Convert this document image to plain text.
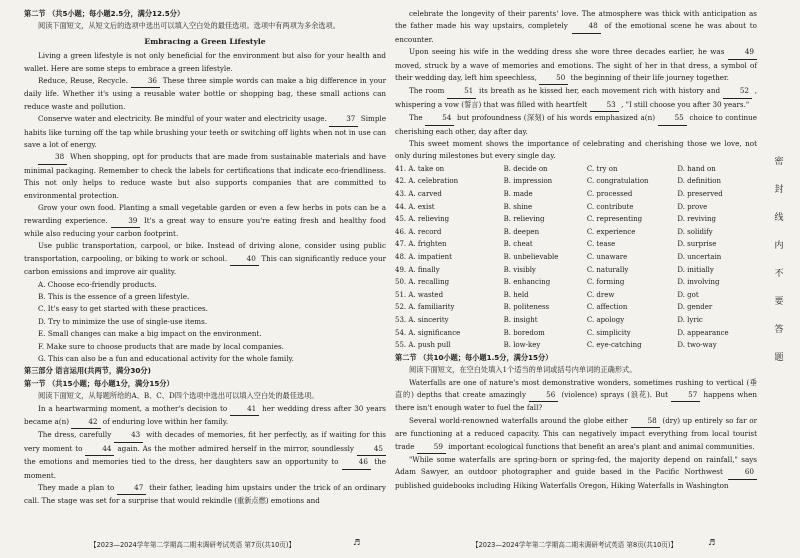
第二节 （共5小题；每小题2.5分，满分12.5分）

阅读下面短文，从短文后的选项中选出可以填入空白处的最佳选项。选项中有两项为多余选项。

Embracing a Green Lifestyle

Living a green lifestyle is not only beneficial for the environment but also for your health and wallet. Here are some steps to embrace a green lifestyle.

Reduce, Reuse, Recycle.	36 These three simple words can make a big difference in your daily life. Whether it's using a reusable water bottle or shopping bag, these small actions can reduce waste and pollution.

Conserve water and electricity. Be mindful of your water and electricity usage.	37 Simple habits like turning off the tap while brushing your teeth or switching off lights when not in use can save a lot of energy.

38 When shopping, opt for products that are made from sustainable materials and have minimal packaging. Remember to check the labels for certifications that indicate eco-friendliness. This not only helps to reduce waste but also supports companies that are committed to environmental protection.

Grow your own food. Planting a small vegetable garden or even a few herbs in pots can be a rewarding experience.	39 It's a great way to ensure you're eating fresh and healthy food while also reducing your carbon footprint.

Use public transportation, carpool, or bike. Instead of driving alone, consider using public transportation, carpooling, or biking to work or school.	40 This can significantly reduce your carbon emissions and improve air quality.

A. Choose eco-friendly products.

B. This is the essence of a green lifestyle.

C. It's easy to get started with these practices.

D. Try to minimize the use of single-use items.

E. Small changes can make a big impact on the environment.

F. Make sure to choose products that are made by local companies.

G. This can also be a fun and educational activity for the whole family.

第三部分 语言运用(共两节，满分30分)

第一节 （共15小题；每小题1分，满分15分）

阅读下面短文，从每题所给的A、B、C、D四个选项中选出可以填入空白处的最佳选项。

In a heartwarming moment, a mother's decision to	41 her wedding dress after 30 years became a(n)	42 of enduring love within her family.

The dress, carefully	43 with decades of memories, fit her perfectly, as if waiting for this very moment to	44 again. As the mother admired herself in the mirror, soundlessly	45 the emotions and memories tied to the dress, her daughters saw an opportunity to	46 the moment.

They made a plan to	47 their father, leading him upstairs under the trick of an ordinary call. The stage was set for a surprise that would rekindle (重新点燃) emotions and

celebrate the longevity of their parents' love. The atmosphere was thick with anticipation as the father made his way upstairs, completely	48 of the emotional scene he was about to encounter.

Upon seeing his wife in the wedding dress she wore three decades earlier, he was	49 moved, struck by a wave of memories and emotions. The sight of her in that dress, a symbol of their wedding day, left him speechless,	50 the beginning of their life journey together.

The room	51 its breath as he kissed her, each movement rich with history and	52 , whispering a vow (誓言) that was filled with heartfelt	53 , "I still choose you after 30 years."

The	54 but profoundness (深刻) of his words emphasized a(n)	55 choice to continue cherishing each other, day after day.

This sweet moment shows the importance of celebrating and cherishing those we love, not only during milestones but every single day.

41. A. take on	B. decide on	C. try on	D. hand on
42. A. celebration	B. impression	C. congratulation	D. definition
43. A. carved	B. made	C. processed	D. preserved
44. A. exist	B. shine	C. contribute	D. prove
45. A. relieving	B. relieving	C. representing	D. reviving
46. A. record	B. deepen	C. experience	D. solidify
47. A. frighten	B. cheat	C. tease	D. surprise
48. A. impatient	B. unbelievable	C. unaware	D. uncertain
49. A. finally	B. visibly	C. naturally	D. initially
50. A. recalling	B. enhancing	C. forming	D. involving
51. A. wasted	B. held	C. drew	D. got
52. A. familiarity	B. politeness	C. affection	D. gender
53. A. sincerity	B. insight	C. apology	D. lyric
54. A. significance	B. boredom	C. simplicity	D. appearance
55. A. push pull	B. low-key	C. eye-catching	D. two-way

第二节 （共10小题；每小题1.5分，满分15分）

阅读下面短文，在空白处填入1个适当的单词或括号内单词的正确形式。

Waterfalls are one of nature's most demonstrative wonders, sometimes rushing to vertical (垂直的) depths that create amazingly	56 (violence) sprays (浪花). But	57 happens when there isn't enough water to fuel the fall?

Several world-renowned waterfalls around the globe either	58 (dry) up entirely so far or are functioning at a reduced capacity. This can negatively impact everything from local tourist trade	59 important ecological functions that benefit an area's plant and animal communities.

"While some waterfalls are spring-born or spring-fed, the majority depend on rainfall," says Adam Sawyer, an outdoor photographer and guide based in the Pacific Northwest	60 published guidebooks including Hiking Waterfalls Oregon, Hiking Waterfalls in Washington

密
封
线
内
不
要
答
题
【2023—2024学年第二学期高二期末调研考试英语 第7页(共10页)】	♬	【2023—2024学年第二学期高二期末调研考试英语 第8页(共10页)】	♬
